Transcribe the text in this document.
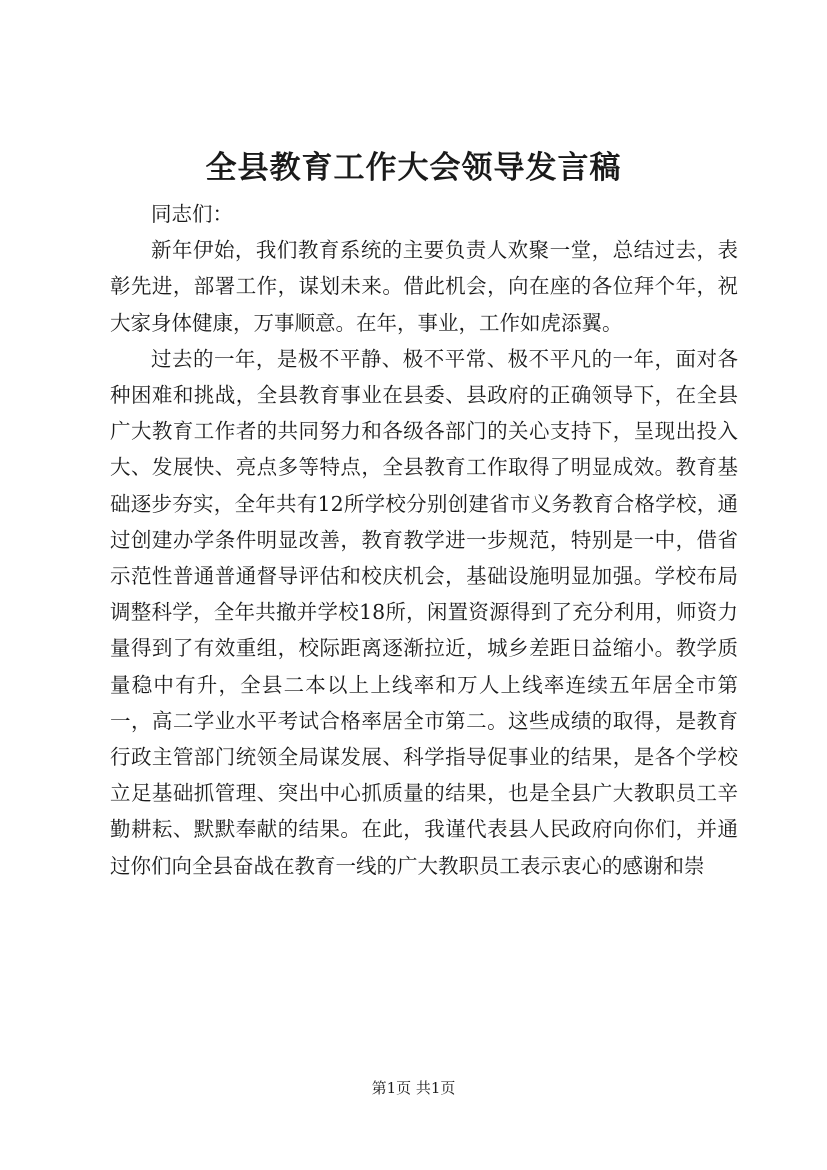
全县教育工作大会领导发言稿

同志们：

新年伊始，我们教育系统的主要负责人欢聚一堂，总结过去，表彰先进，部署工作，谋划未来。借此机会，向在座的各位拜个年，祝大家身体健康，万事顺意。在年，事业，工作如虎添翼。

过去的一年，是极不平静、极不平常、极不平凡的一年，面对各种困难和挑战，全县教育事业在县委、县政府的正确领导下，在全县广大教育工作者的共同努力和各级各部门的关心支持下，呈现出投入大、发展快、亮点多等特点，全县教育工作取得了明显成效。教育基础逐步夯实，全年共有12所学校分别创建省市义务教育合格学校，通过创建办学条件明显改善，教育教学进一步规范，特别是一中，借省示范性普通普通督导评估和校庆机会，基础设施明显加强。学校布局调整科学，全年共撤并学校18所，闲置资源得到了充分利用，师资力量得到了有效重组，校际距离逐渐拉近，城乡差距日益缩小。教学质量稳中有升，全县二本以上上线率和万人上线率连续五年居全市第一，高二学业水平考试合格率居全市第二。这些成绩的取得，是教育行政主管部门统领全局谋发展、科学指导促事业的结果，是各个学校立足基础抓管理、突出中心抓质量的结果，也是全县广大教职员工辛勤耕耘、默默奉献的结果。在此，我谨代表县人民政府向你们，并通过你们向全县奋战在教育一线的广大教职员工表示衷心的感谢和崇

第1页 共1页
